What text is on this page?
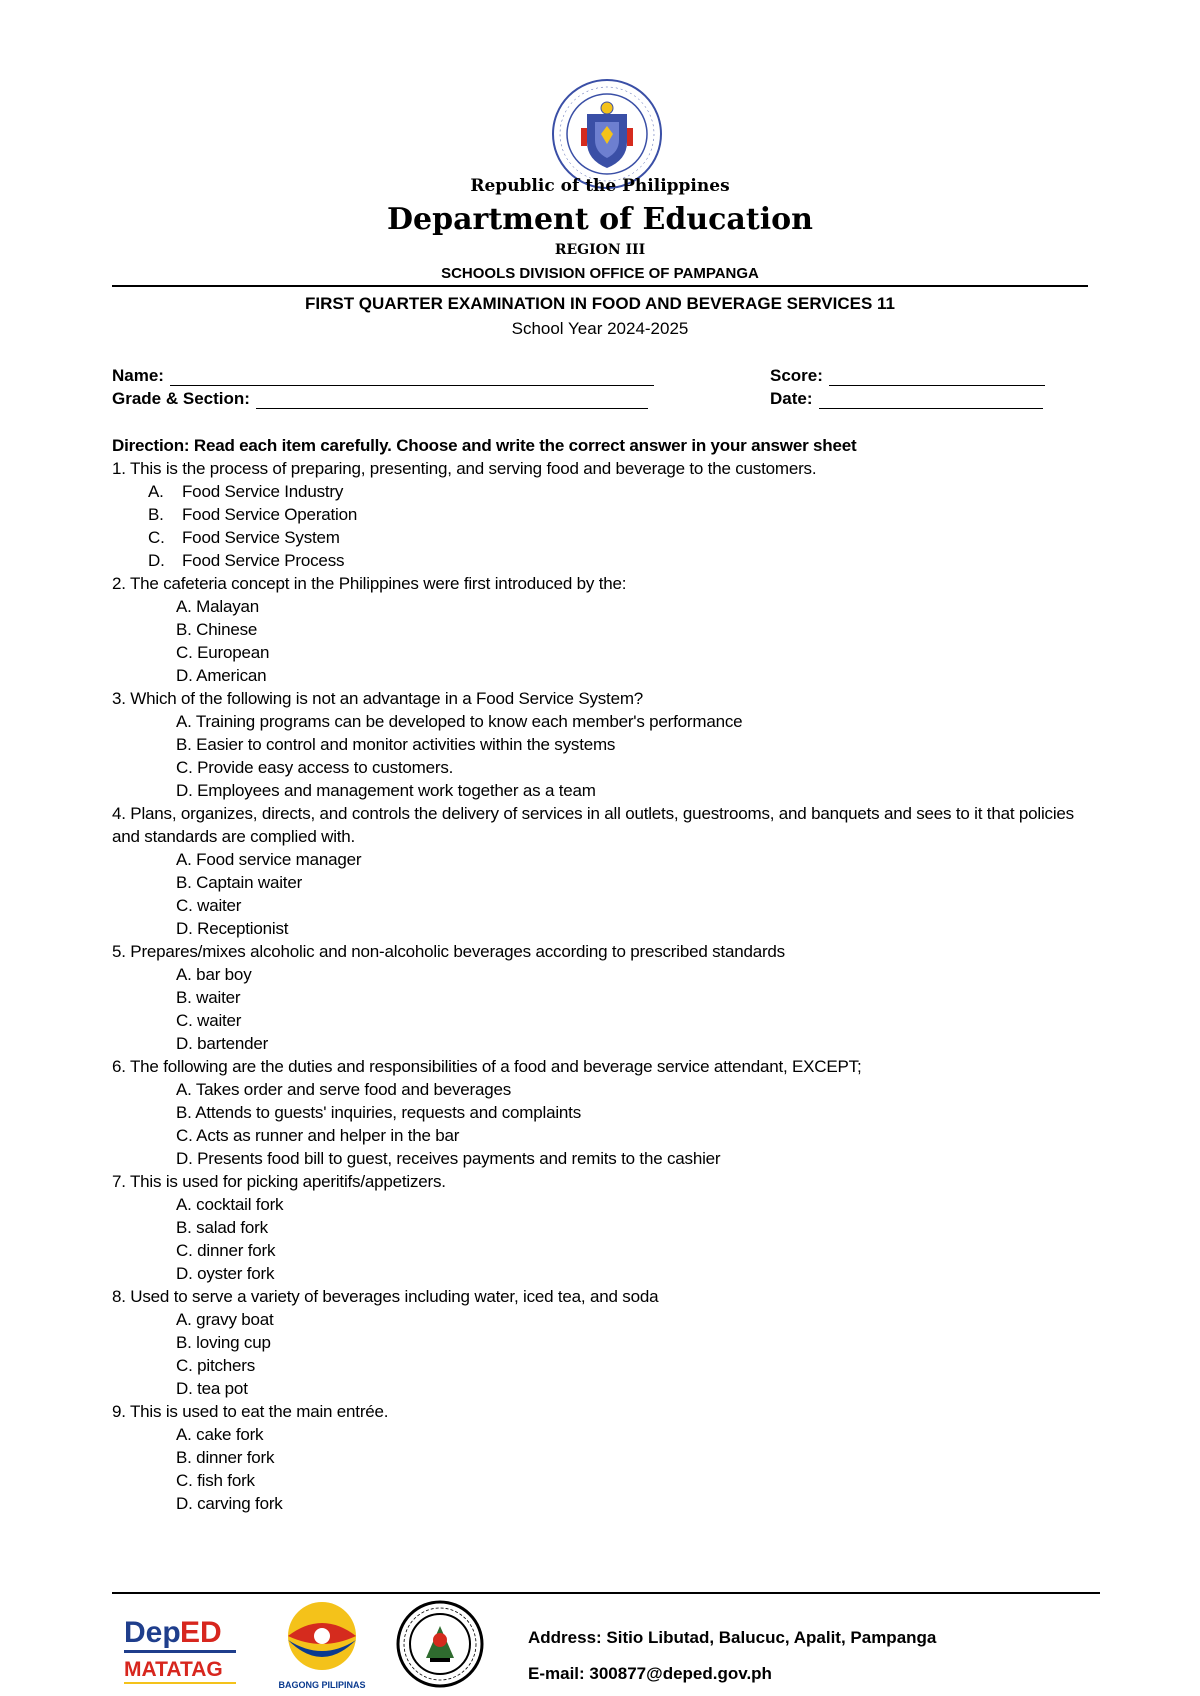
Republic of the Philippines
Department of Education
REGION III
SCHOOLS DIVISION OFFICE OF PAMPANGA
FIRST QUARTER EXAMINATION IN FOOD AND BEVERAGE SERVICES 11
School Year 2024-2025
Name:	Score:
Grade & Section:	Date:
Direction: Read each item carefully. Choose and write the correct answer in your answer sheet
1. This is the process of preparing, presenting, and serving food and beverage to the customers.
A. Food Service Industry
B. Food Service Operation
C. Food Service System
D. Food Service Process
2. The cafeteria concept in the Philippines were first introduced by the:
A. Malayan
B. Chinese
C. European
D. American
3. Which of the following is not an advantage in a Food Service System?
A. Training programs can be developed to know each member's performance
B. Easier to control and monitor activities within the systems
C. Provide easy access to customers.
D. Employees and management work together as a team
4. Plans, organizes, directs, and controls the delivery of services in all outlets, guestrooms, and banquets and sees to it that policies and standards are complied with.
A. Food service manager
B. Captain waiter
C. waiter
D. Receptionist
5. Prepares/mixes alcoholic and non-alcoholic beverages according to prescribed standards
A. bar boy
B. waiter
C. waiter
D. bartender
6. The following are the duties and responsibilities of a food and beverage service attendant, EXCEPT;
A. Takes order and serve food and beverages
B. Attends to guests' inquiries, requests and complaints
C. Acts as runner and helper in the bar
D. Presents food bill to guest, receives payments and remits to the cashier
7. This is used for picking aperitifs/appetizers.
A. cocktail fork
B. salad fork
C. dinner fork
D. oyster fork
8. Used to serve a variety of beverages including water, iced tea, and soda
A. gravy boat
B. loving cup
C. pitchers
D. tea pot
9. This is used to eat the main entrée.
A. cake fork
B. dinner fork
C. fish fork
D. carving fork
Dep ED
MATATAG
BAGONG PILIPINAS
Address: Sitio Libutad, Balucuc, Apalit, Pampanga
E-mail: 300877@deped.gov.ph
